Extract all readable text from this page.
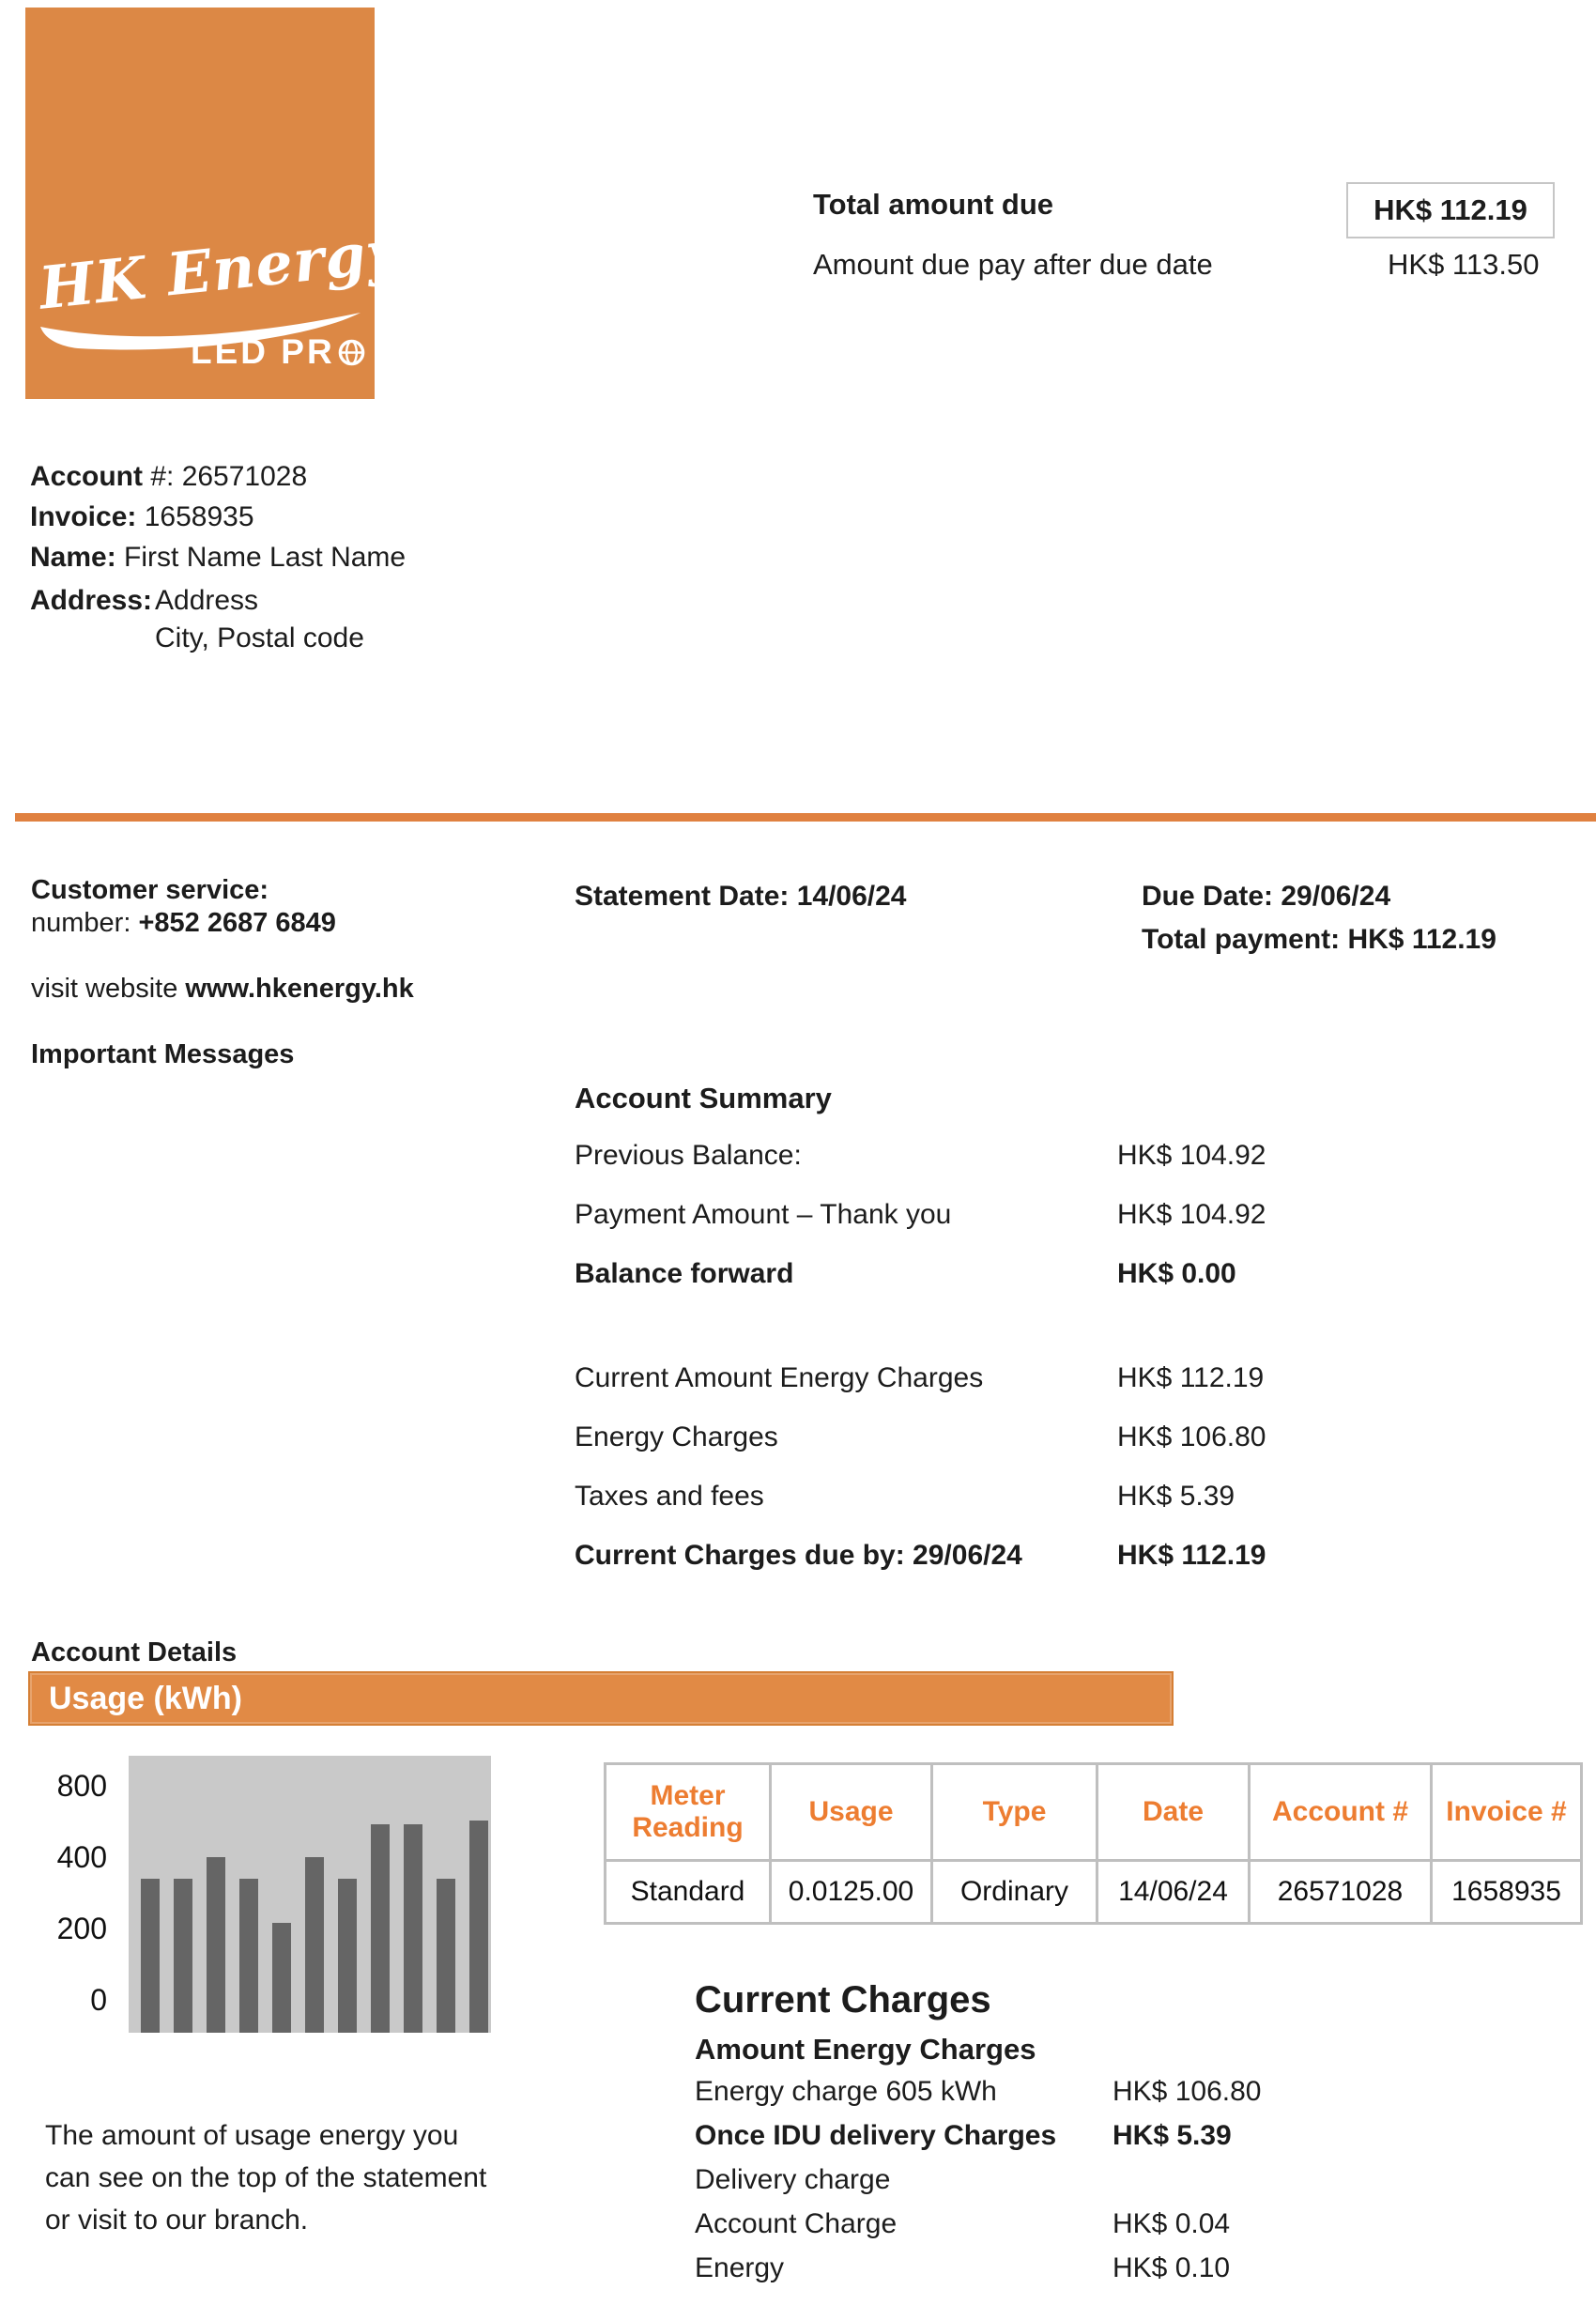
HK Energy
LED PR
Total amount due	HK$ 112.19
Amount due pay after due date	HK$ 113.50
Account #: 26571028
Invoice: 1658935
Name: First Name Last Name
Address: Address
City, Postal code
Customer service:
number: +852 2687 6849

visit website www.hkenergy.hk

Important Messages
Statement Date: 14/06/24	Due Date: 29/06/24
Total payment: HK$ 112.19
Account Summary
Previous Balance:	HK$ 104.92
Payment Amount – Thank you	HK$ 104.92
Balance forward	HK$ 0.00
Current Amount Energy Charges	HK$ 112.19
Energy Charges	HK$ 106.80
Taxes and fees	HK$ 5.39
Current Charges due by: 29/06/24	HK$ 112.19
Account Details
Usage (kWh)
0
200
400
800	Meter Reading	Usage	Type	Date	Account #	Invoice #
Standard	0.0125.00	Ordinary	14/06/24	26571028	1658935
Current Charges
Amount Energy Charges
Energy charge 605 kWh	HK$ 106.80
Once IDU delivery Charges	HK$ 5.39
Delivery charge
Account Charge	HK$ 0.04
Energy	HK$ 0.10
The amount of usage energy you
can see on the top of the statement
or visit to our branch.
